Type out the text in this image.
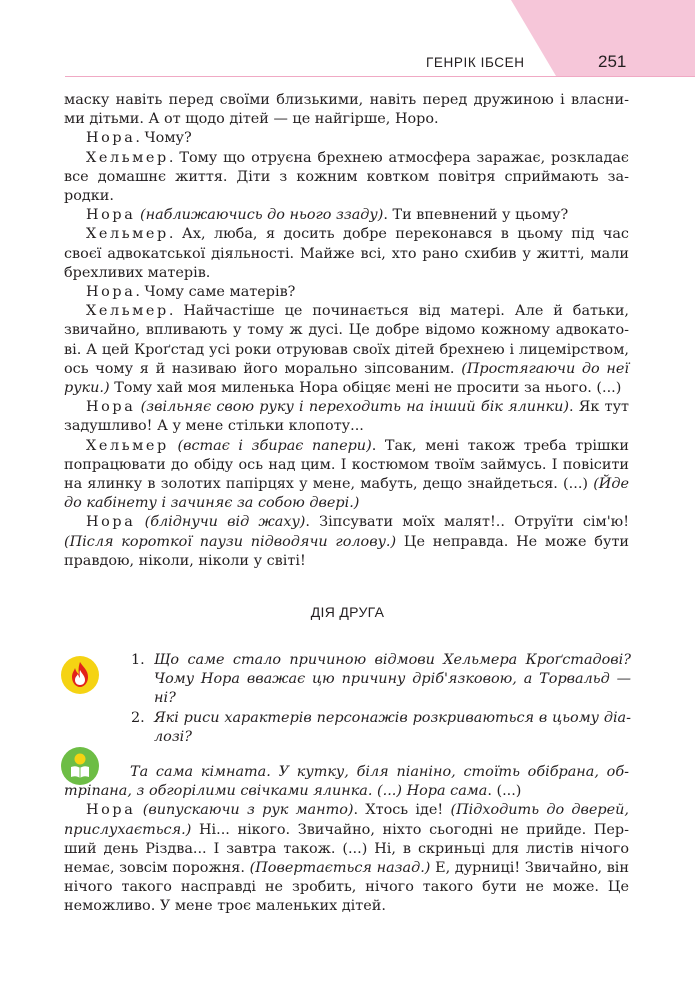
ГЕНРІК ІБСЕН	251

маску навіть перед своїми близькими, навіть перед дружиною і власними дітьми. А от щодо дітей — це найгірше, Норо.

Нора. Чому?

Хельмер. Тому що отруєна брехнею атмосфера заражає, розкладає все домашнє життя. Діти з кожним ковтком повітря сприймають зародки.

Нора (наближаючись до нього ззаду). Ти впевнений у цьому?

Хельмер. Ах, люба, я досить добре переконався в цьому під час своєї адвокатської діяльності. Майже всі, хто рано схибив у житті, мали брехливих матерів.

Нора. Чому саме матерів?

Хельмер. Найчастіше це починається від матері. Але й батьки, звичайно, впливають у тому ж дусі. Це добре відомо кожному адвокатові. А цей Кроґстад усі роки отруював своїх дітей брехнею і лицемірством, ось чому я й називаю його морально зіпсованим. (Простягаючи до неї руки.) Тому хай моя миленька Нора обіцяє мені не просити за нього. (...)

Нора (звільняє свою руку і переходить на інший бік ялинки). Як тут задушливо! А у мене стільки клопоту...

Хельмер (встає і збирає папери). Так, мені також треба трішки попрацювати до обіду ось над цим. І костюмом твоїм займусь. І повісити на ялинку в золотих папірцях у мене, мабуть, дещо знайдеться. (...) (Йде до кабінету і зачиняє за собою двері.)

Нора (бліднучи від жаху). Зіпсувати моїх малят!.. Отруїти сім'ю! (Після короткої паузи підводячи голову.) Це неправда. Не може бути правдою, ніколи, ніколи у світі!

ДІЯ ДРУГА
1. Що саме стало причиною відмови Хельмера Кроґстадові? Чому Нора вважає цю причину дріб'язковою, а Торвальд — ні?
2. Які риси характерів персонажів розкриваються в цьому діалозі?

Та сама кімната. У кутку, біля піаніно, стоїть обібрана, обтріпана, з обгорілими свічками ялинка. (...) Нора сама. (...)

Нора (випускаючи з рук манто). Хтось іде! (Підходить до дверей, прислухається.) Ні... нікого. Звичайно, ніхто сьогодні не прийде. Перший день Різдва... І завтра також. (...) Ні, в скриньці для листів нічого немає, зовсім порожня. (Повертається назад.) Е, дурниці! Звичайно, він нічого такого насправді не зробить, нічого такого бути не може. Це неможливо. У мене троє маленьких дітей.
